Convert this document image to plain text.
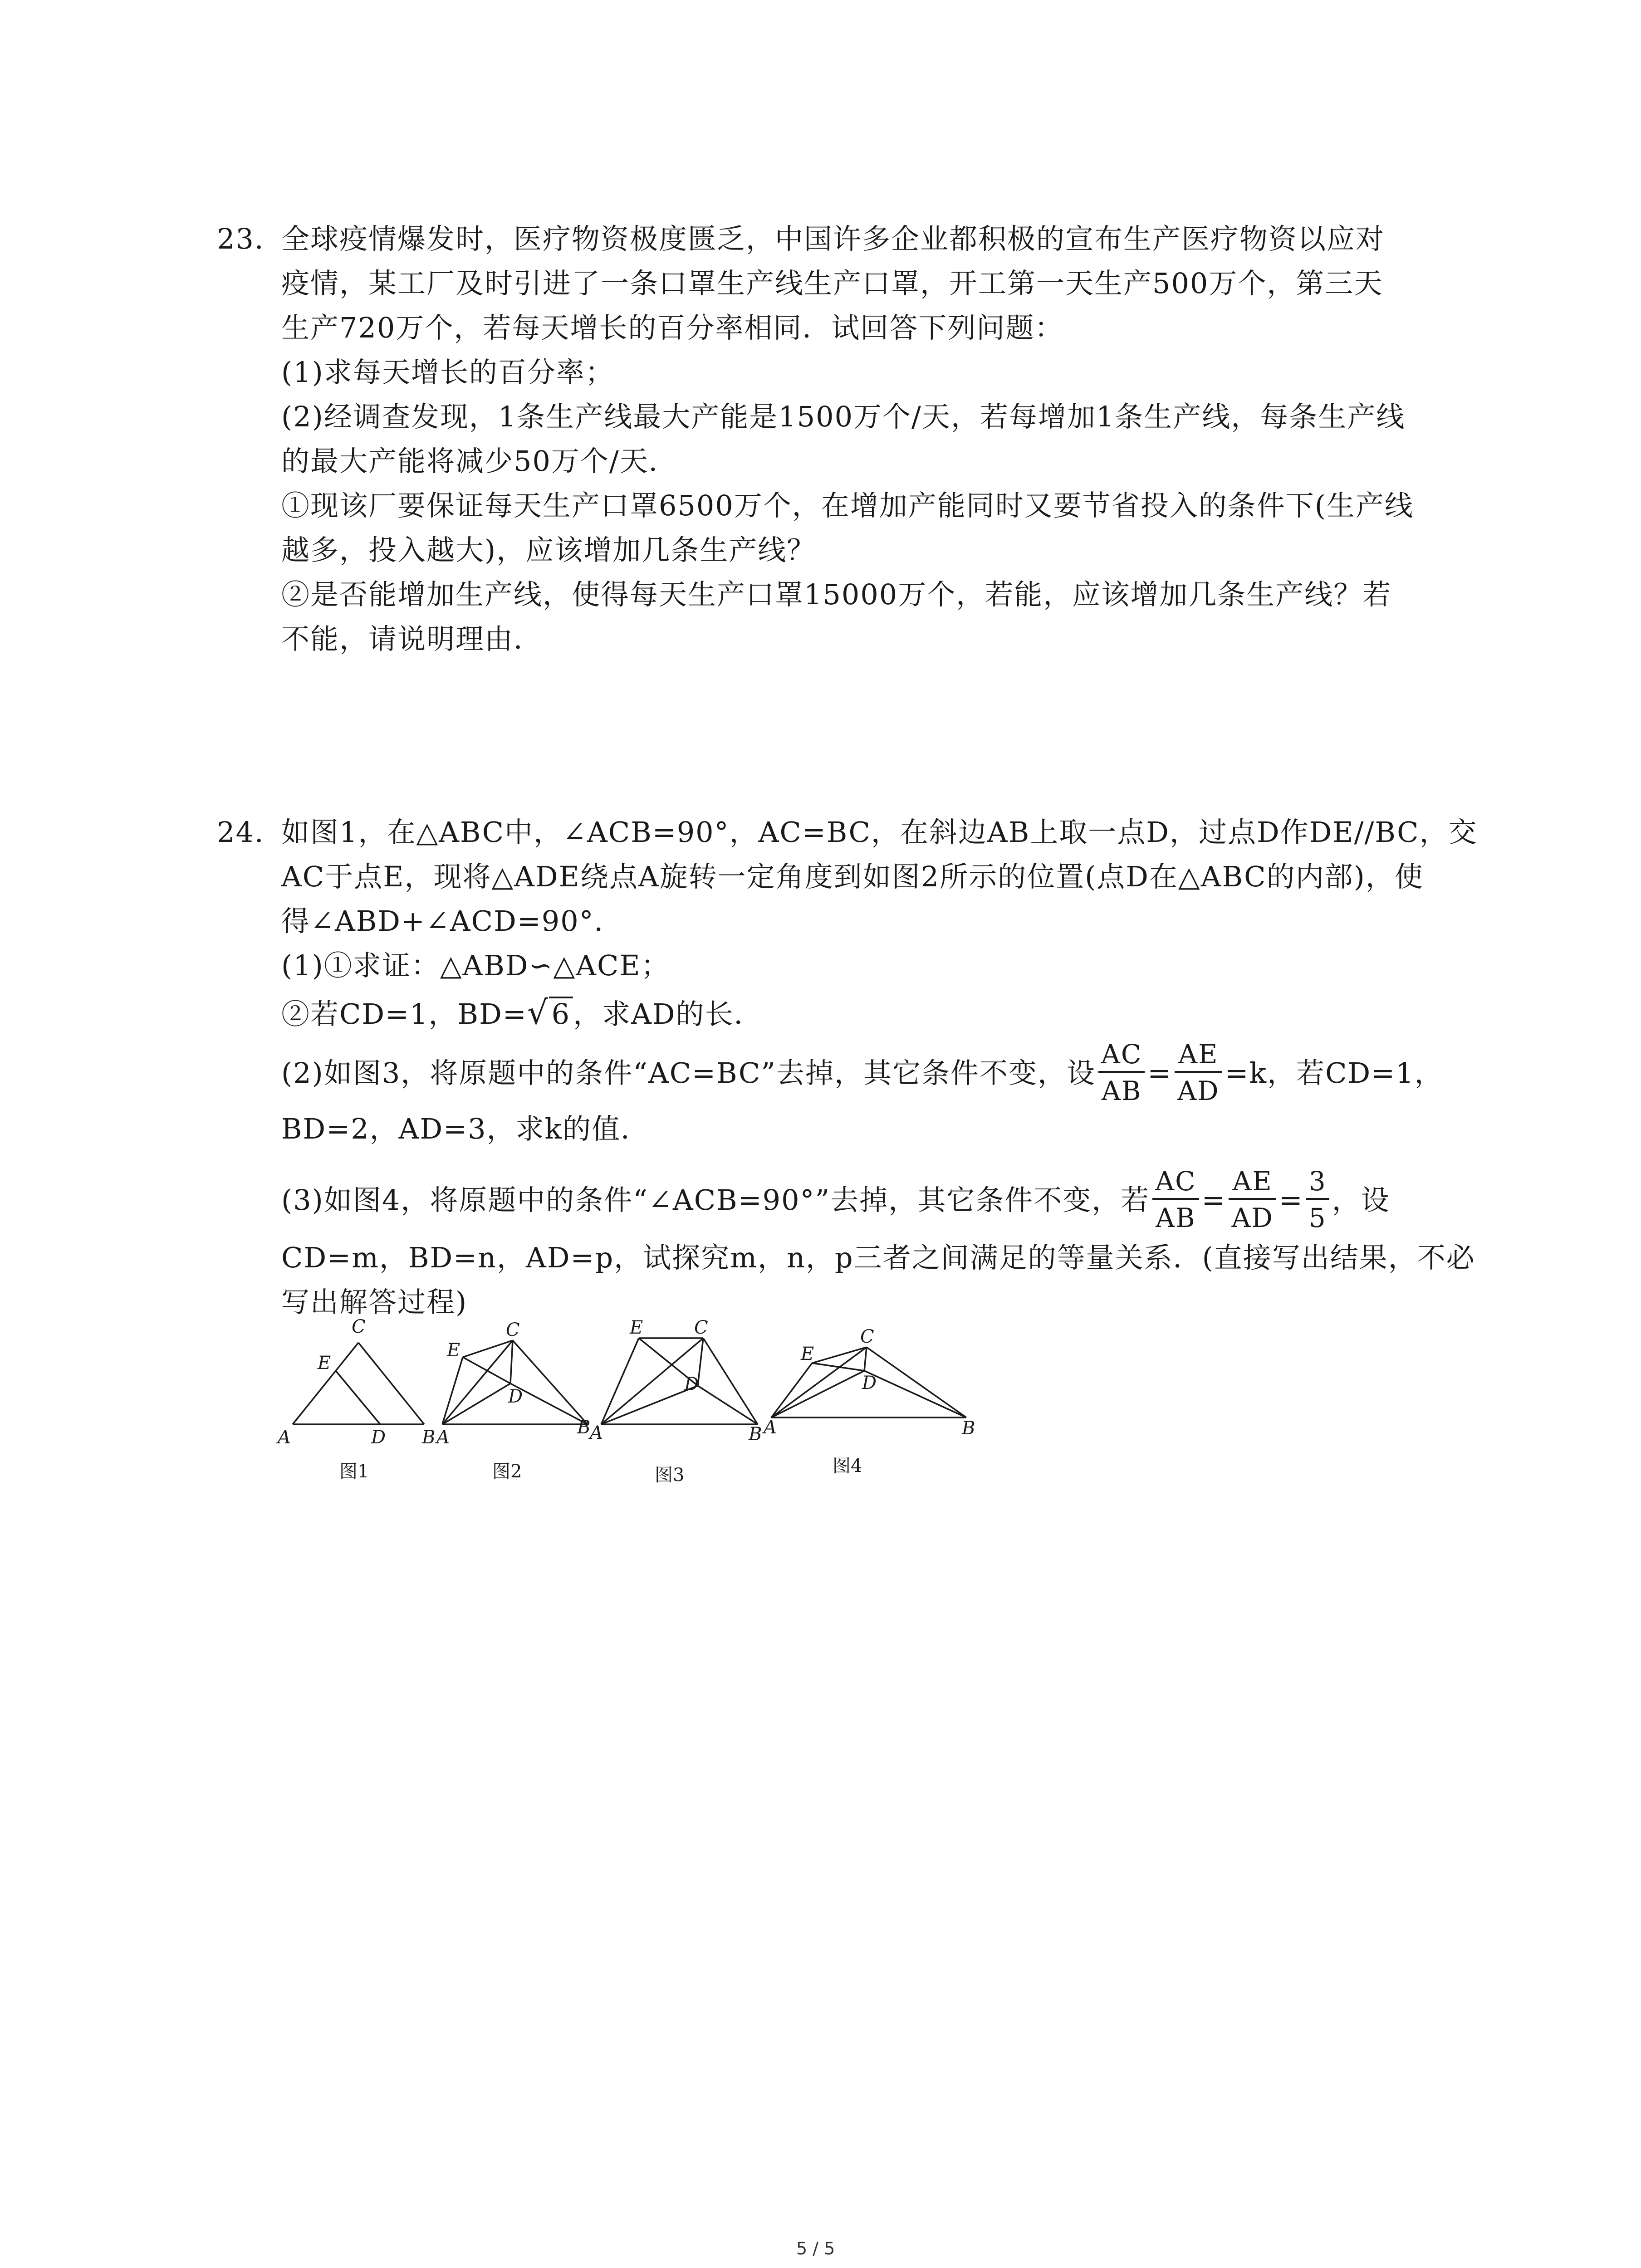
23. 全球疫情爆发时，医疗物资极度匮乏，中国许多企业都积极的宣布生产医疗物资以应对
疫情，某工厂及时引进了一条口罩生产线生产口罩，开工第一天生产500万个，第三天
生产720万个，若每天增长的百分率相同．试回答下列问题：
(1)求每天增长的百分率；
(2)经调查发现，1条生产线最大产能是1500万个/天，若每增加1条生产线，每条生产线
的最大产能将减少50万个/天．
①现该厂要保证每天生产口罩6500万个，在增加产能同时又要节省投入的条件下(生产线
越多，投入越大)，应该增加几条生产线？
②是否能增加生产线，使得每天生产口罩15000万个，若能，应该增加几条生产线？若
不能，请说明理由．
24. 如图1，在△ABC中，∠ACB=90°，AC=BC，在斜边AB上取一点D，过点D作DE//BC，交
AC于点E，现将△ADE绕点A旋转一定角度到如图2所示的位置(点D在△ABC的内部)，使
得∠ABD+∠ACD=90°．
(1)①求证：△ABD∽△ACE；
②若CD=1，BD=√6，求AD的长．
(2)如图3，将原题中的条件“AC=BC”去掉，其它条件不变，设 $\frac{AC}{AB} = \frac{AE}{AD} =k$，若CD=1，
BD=2，AD=3，求k的值．
(3)如图4，将原题中的条件“∠ACB=90°”去掉，其它条件不变，若 $\frac{AC}{AB} = \frac{AE}{AD} = \frac{3}{5}$ ，设
CD=m，BD=n，AD=p，试探究m，n，p三者之间满足的等量关系．(直接写出结果，不必
写出解答过程)
A
C
E
D B A
C
E
D
B
A
C
E
D
B A
C
E
D
B
图1	图2	图3	图4
5 / 5
